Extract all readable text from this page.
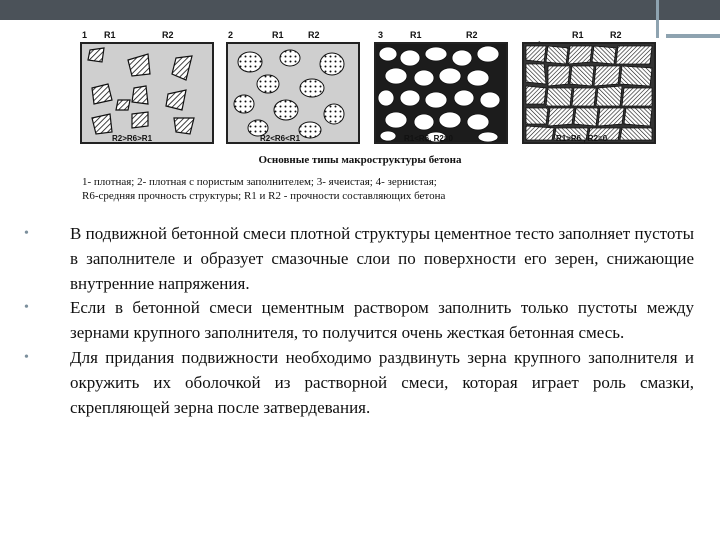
1 R1	R2	2	R1	R2	3	R1	R2	R1	R2
R2>R6>R1	R2<R6<R1	R1<R6, R2=0	R1>R6 , R2=0
Основные типы макроструктуры бетона
1- плотная; 2- плотная с пористым заполнителем; 3- ячеистая; 4- зернистая;
R6-средняя прочность структуры; R1 и R2 - прочности составляющих бетона
• В подвижной бетонной смеси плотной структуры цементное тесто заполняет пустоты в заполнителе и образует смазочные слои по поверхности его зерен, снижающие внутренние напряжения.
• Если в бетонной смеси цементным раствором заполнить только пустоты между зернами крупного заполнителя, то получится очень жесткая бетонная смесь.
• Для придания подвижности необходимо раздвинуть зерна крупного заполнителя и окружить их оболочкой из растворной смеси, которая играет роль смазки, скрепляющей зерна после затвердевания.
